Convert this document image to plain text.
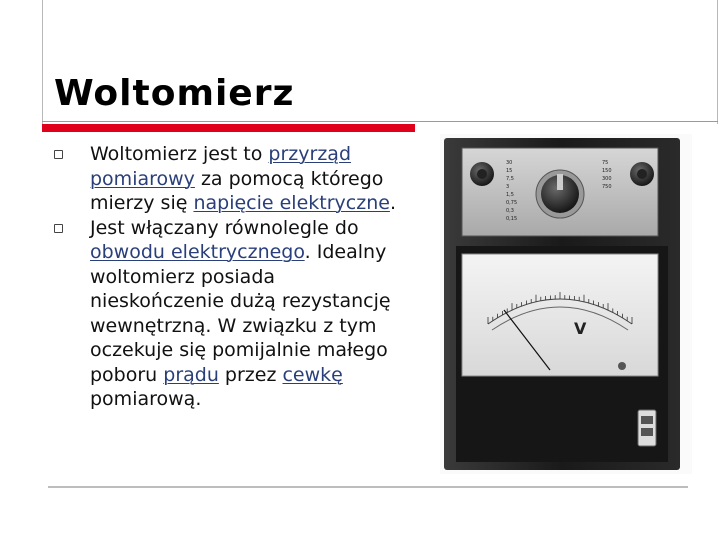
Woltomierz
Woltomierz jest to przyrząd pomiarowy za pomocą którego mierzy się napięcie elektryczne.
Jest włączany równolegle do obwodu elektrycznego. Idealny woltomierz posiada nieskończenie dużą rezystancję wewnętrzną. W związku z tym oczekuje się pomijalnie małego poboru prądu przez cewkę pomiarową.
30
15
7,5
3
1,5
0,75
0,3
0,15
75
150
300
750
V
